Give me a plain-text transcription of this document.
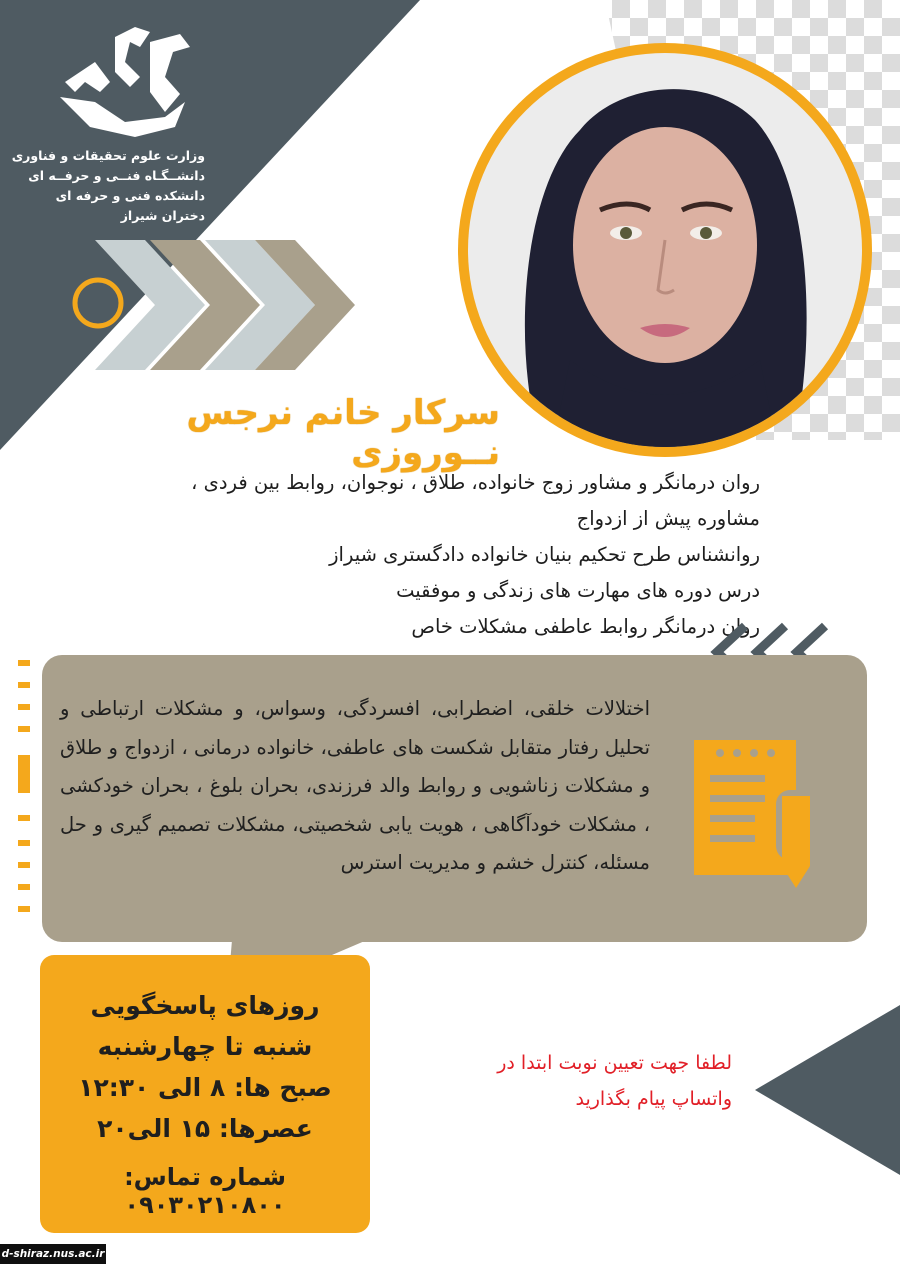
وزارت علوم تحقیقات و فناوری
دانشــگـاه فنــی و حرفــه ای
دانشکده فنی و حرفه ای دختران شیراز
سرکار خانم نرجس نــوروزی
روان درمانگر و مشاور زوج خانواده، طلاق ، نوجوان، روابط بین فردی ،
مشاوره پیش از ازدواج
روانشناس طرح تحکیم بنیان خانواده دادگستری شیراز
درس دوره های مهارت های زندگی و موفقیت
روان درمانگر روابط عاطفی مشکلات خاص
اختلالات خلقی، اضطرابی، افسردگی، وسواس، و مشکلات ارتباطی و تحلیل رفتار متقابل شکست های عاطفی، خانواده درمانی ، ازدواج و طلاق و مشکلات زناشویی و روابط والد فرزندی، بحران بلوغ ، بحران خودکشی ، مشکلات خودآگاهی ، هویت یابی شخصیتی، مشکلات تصمیم گیری و حل مسئله، کنترل خشم و مدیریت استرس
روزهای پاسخگویی
شنبه تا چهارشنبه
صبح ها: ۸ الی ۱۲:۳۰
عصرها: ۱۵ الی۲۰
شماره تماس: ۰۹۰۳۰۲۱۰۸۰۰
لطفا جهت تعیین نوبت ابتدا در واتساپ پیام بگذارید
d-shiraz.nus.ac.ir
